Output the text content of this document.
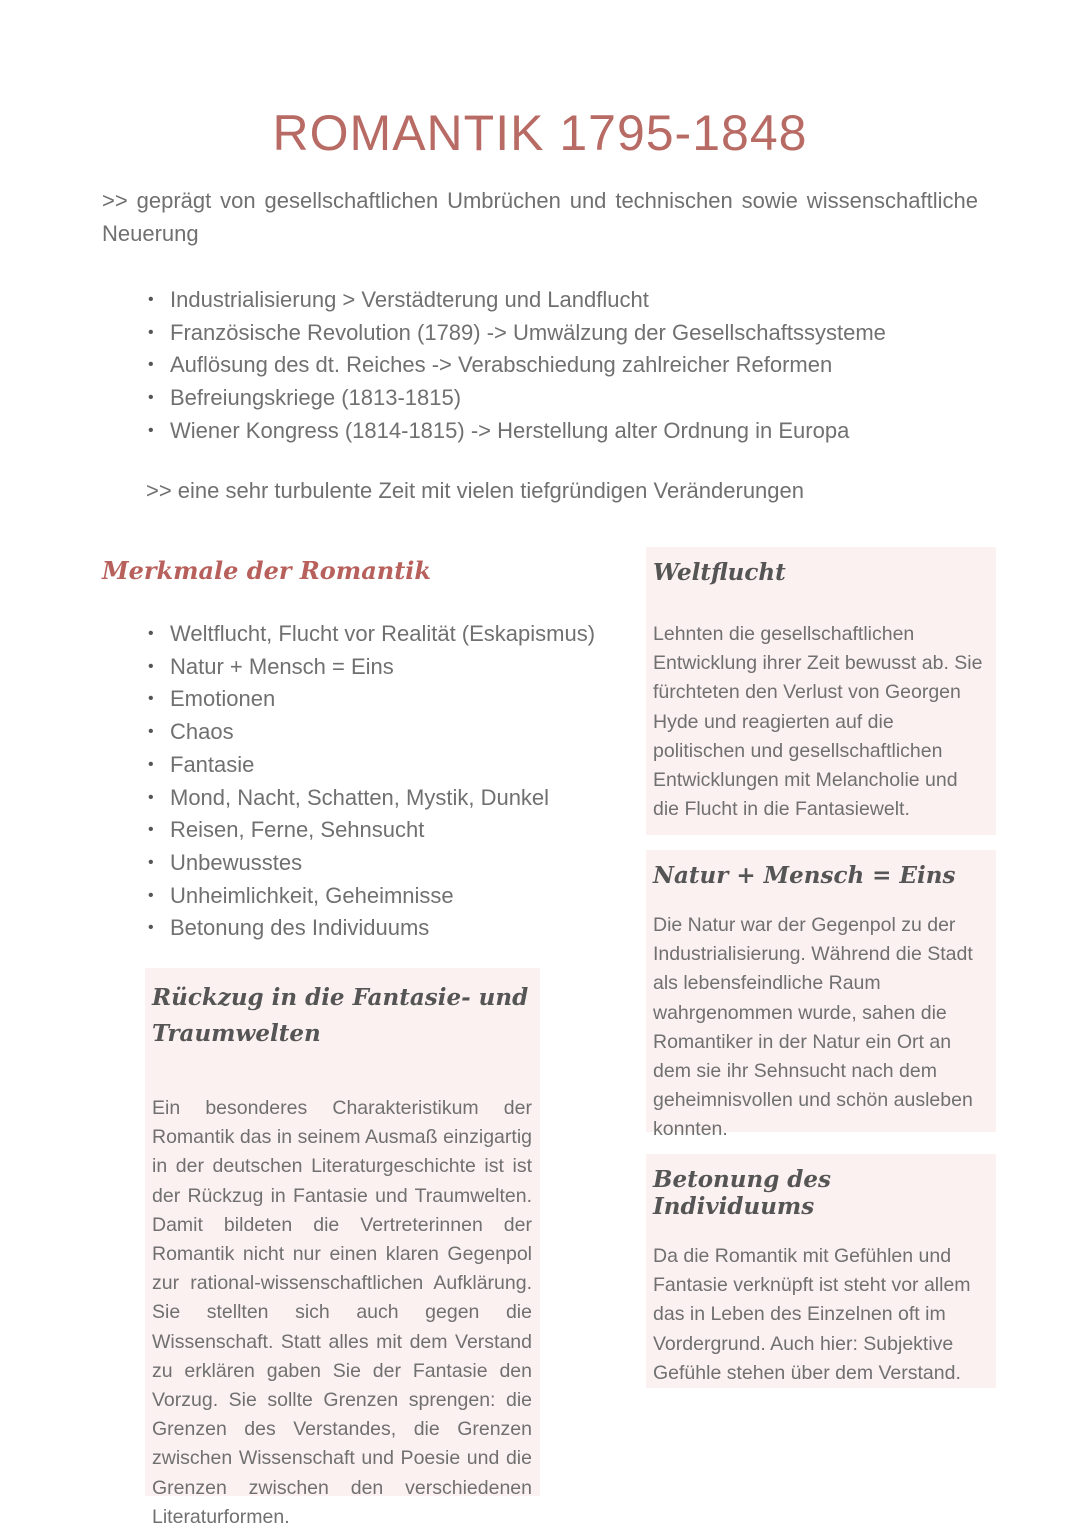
ROMANTIK 1795-1848

>> geprägt von gesellschaftlichen Umbrüchen und technischen sowie wissenschaftliche Neuerung

• Industrialisierung > Verstädterung und Landflucht
• Französische Revolution (1789) -> Umwälzung der Gesellschaftssysteme
• Auflösung des dt. Reiches -> Verabschiedung zahlreicher Reformen
• Befreiungskriege (1813-1815)
• Wiener Kongress (1814-1815) -> Herstellung alter Ordnung in Europa

>> eine sehr turbulente Zeit mit vielen tiefgründigen Veränderungen

Merkmale der Romantik
• Weltflucht, Flucht vor Realität (Eskapismus)
• Natur + Mensch = Eins
• Emotionen
• Chaos
• Fantasie
• Mond, Nacht, Schatten, Mystik, Dunkel
• Reisen, Ferne, Sehnsucht
• Unbewusstes
• Unheimlichkeit, Geheimnisse
• Betonung des Individuums
Rückzug in die Fantasie- und Traumwelten

Ein besonderes Charakteristikum der Romantik das in seinem Ausmaß einzigartig in der deutschen Literaturgeschichte ist ist der Rückzug in Fantasie und Traumwelten. Damit bildeten die Vertreterinnen der Romantik nicht nur einen klaren Gegenpol zur rational-wissenschaftlichen Aufklärung. Sie stellten sich auch gegen die Wissenschaft. Statt alles mit dem Verstand zu erklären gaben Sie der Fantasie den Vorzug. Sie sollte Grenzen sprengen: die Grenzen des Verstandes, die Grenzen zwischen Wissenschaft und Poesie und die Grenzen zwischen den verschiedenen Literaturformen.

Weltflucht

Lehnten die gesellschaftlichen Entwicklung ihrer Zeit bewusst ab. Sie fürchteten den Verlust von Georgen Hyde und reagierten auf die politischen und gesellschaftlichen Entwicklungen mit Melancholie und die Flucht in die Fantasiewelt.

Natur + Mensch = Eins

Die Natur war der Gegenpol zu der Industrialisierung. Während die Stadt als lebensfeindliche Raum wahrgenommen wurde, sahen die Romantiker in der Natur ein Ort an dem sie ihr Sehnsucht nach dem geheimnisvollen und schön ausleben konnten.

Betonung des Individuums

Da die Romantik mit Gefühlen und Fantasie verknüpft ist steht vor allem das in Leben des Einzelnen oft im Vordergrund. Auch hier: Subjektive Gefühle stehen über dem Verstand.
